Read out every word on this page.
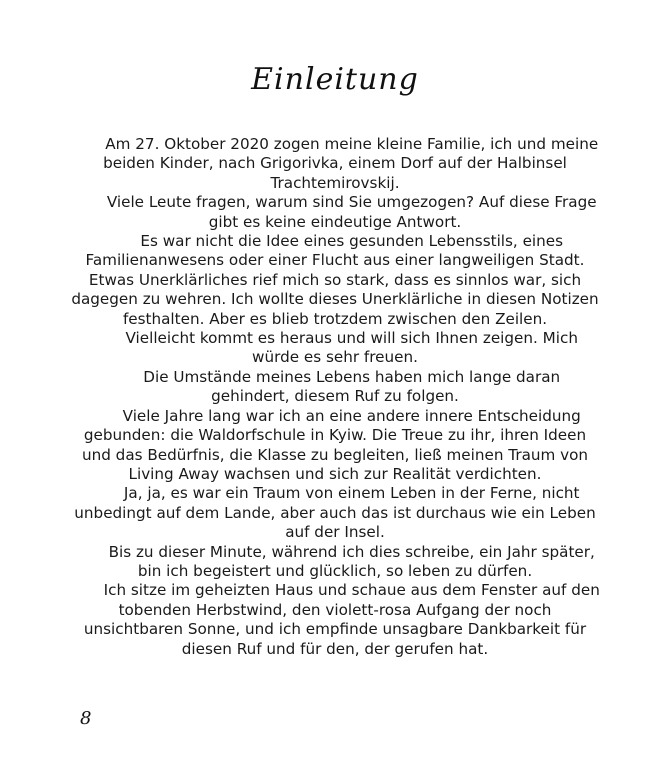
Einleitung

Am 27. Oktober 2020 zogen meine kleine Familie, ich und meine beiden Kinder, nach Grigorivka, einem Dorf auf der Halbinsel Trachtemirovskij.

Viele Leute fragen, warum sind Sie umgezogen? Auf diese Frage gibt es keine eindeutige Antwort.

Es war nicht die Idee eines gesunden Lebensstils, eines Familienanwesens oder einer Flucht aus einer langweiligen Stadt. Etwas Unerklärliches rief mich so stark, dass es sinnlos war, sich dagegen zu wehren. Ich wollte dieses Unerklärliche in diesen Notizen festhalten. Aber es blieb trotzdem zwischen den Zeilen.

Vielleicht kommt es heraus und will sich Ihnen zeigen. Mich würde es sehr freuen.

Die Umstände meines Lebens haben mich lange daran gehindert, diesem Ruf zu folgen.

Viele Jahre lang war ich an eine andere innere Entscheidung gebunden: die Waldorfschule in Kyiw. Die Treue zu ihr, ihren Ideen und das Bedürfnis, die Klasse zu begleiten, ließ meinen Traum von Living Away wachsen und sich zur Realität verdichten.

Ja, ja, es war ein Traum von einem Leben in der Ferne, nicht unbedingt auf dem Lande, aber auch das ist durchaus wie ein Leben auf der Insel.

Bis zu dieser Minute, während ich dies schreibe, ein Jahr später, bin ich begeistert und glücklich, so leben zu dürfen.

Ich sitze im geheizten Haus und schaue aus dem Fenster auf den tobenden Herbstwind, den violett-rosa Aufgang der noch unsichtbaren Sonne, und ich empfinde unsagbare Dankbarkeit für diesen Ruf und für den, der gerufen hat.

8
